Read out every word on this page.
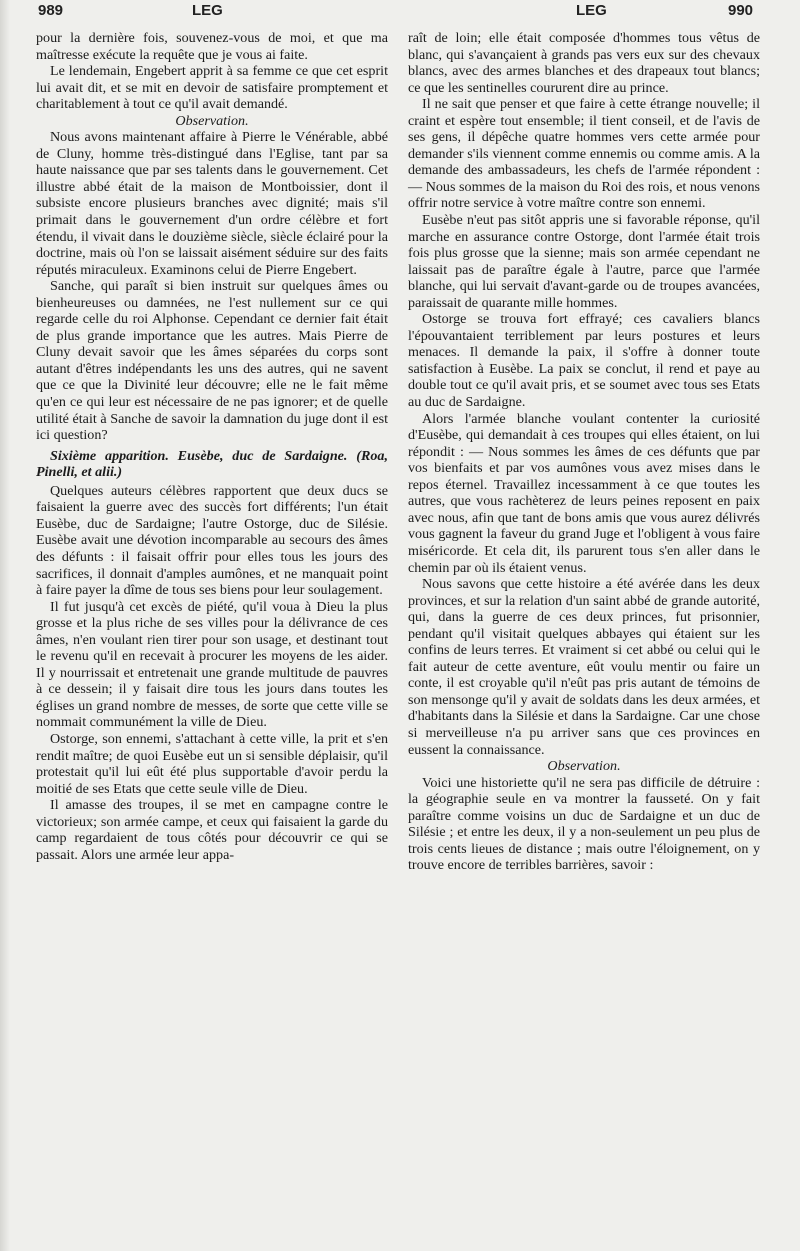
989	LEG	LEG	990

pour la dernière fois, souvenez-vous de moi, et que ma maîtresse exécute la requête que je vous ai faite.

Le lendemain, Engebert apprit à sa femme ce que cet esprit lui avait dit, et se mit en devoir de satisfaire promptement et charitablement à tout ce qu'il avait demandé.

Observation.

Nous avons maintenant affaire à Pierre le Vénérable, abbé de Cluny, homme très-distingué dans l'Eglise, tant par sa haute naissance que par ses talents dans le gouvernement. Cet illustre abbé était de la maison de Montboissier, dont il subsiste encore plusieurs branches avec dignité; mais s'il primait dans le gouvernement d'un ordre célèbre et fort étendu, il vivait dans le douzième siècle, siècle éclairé pour la doctrine, mais où l'on se laissait aisément séduire sur des faits réputés miraculeux. Examinons celui de Pierre Engebert.

Sanche, qui paraît si bien instruit sur quelques âmes ou bienheureuses ou damnées, ne l'est nullement sur ce qui regarde celle du roi Alphonse. Cependant ce dernier fait était de plus grande importance que les autres. Mais Pierre de Cluny devait savoir que les âmes séparées du corps sont autant d'êtres indépendants les uns des autres, qui ne savent que ce que la Divinité leur découvre; elle ne le fait même qu'en ce qui leur est nécessaire de ne pas ignorer; et de quelle utilité était à Sanche de savoir la damnation du juge dont il est ici question?

Sixième apparition. Eusèbe, duc de Sardaigne. (Roa, Pinelli, et alii.)

Quelques auteurs célèbres rapportent que deux ducs se faisaient la guerre avec des succès fort différents; l'un était Eusèbe, duc de Sardaigne; l'autre Ostorge, duc de Silésie. Eusèbe avait une dévotion incomparable au secours des âmes des défunts : il faisait offrir pour elles tous les jours des sacrifices, il donnait d'amples aumônes, et ne manquait point à faire payer la dîme de tous ses biens pour leur soulagement.

Il fut jusqu'à cet excès de piété, qu'il voua à Dieu la plus grosse et la plus riche de ses villes pour la délivrance de ces âmes, n'en voulant rien tirer pour son usage, et destinant tout le revenu qu'il en recevait à procurer les moyens de les aider. Il y nourrissait et entretenait une grande multitude de pauvres à ce dessein; il y faisait dire tous les jours dans toutes les églises un grand nombre de messes, de sorte que cette ville se nommait communément la ville de Dieu.

Ostorge, son ennemi, s'attachant à cette ville, la prit et s'en rendit maître; de quoi Eusèbe eut un si sensible déplaisir, qu'il protestait qu'il lui eût été plus supportable d'avoir perdu la moitié de ses Etats que cette seule ville de Dieu.

Il amasse des troupes, il se met en campagne contre le victorieux; son armée campe, et ceux qui faisaient la garde du camp regardaient de tous côtés pour découvrir ce qui se passait. Alors une armée leur appa-

raît de loin; elle était composée d'hommes tous vêtus de blanc, qui s'avançaient à grands pas vers eux sur des chevaux blancs, avec des armes blanches et des drapeaux tout blancs; ce que les sentinelles coururent dire au prince.

Il ne sait que penser et que faire à cette étrange nouvelle; il craint et espère tout ensemble; il tient conseil, et de l'avis de ses gens, il dépêche quatre hommes vers cette armée pour demander s'ils viennent comme ennemis ou comme amis. A la demande des ambassadeurs, les chefs de l'armée répondent : — Nous sommes de la maison du Roi des rois, et nous venons offrir notre service à votre maître contre son ennemi.

Eusèbe n'eut pas sitôt appris une si favorable réponse, qu'il marche en assurance contre Ostorge, dont l'armée était trois fois plus grosse que la sienne; mais son armée cependant ne laissait pas de paraître égale à l'autre, parce que l'armée blanche, qui lui servait d'avant-garde ou de troupes avancées, paraissait de quarante mille hommes.

Ostorge se trouva fort effrayé; ces cavaliers blancs l'épouvantaient terriblement par leurs postures et leurs menaces. Il demande la paix, il s'offre à donner toute satisfaction à Eusèbe. La paix se conclut, il rend et paye au double tout ce qu'il avait pris, et se soumet avec tous ses Etats au duc de Sardaigne.

Alors l'armée blanche voulant contenter la curiosité d'Eusèbe, qui demandait à ces troupes qui elles étaient, on lui répondit : — Nous sommes les âmes de ces défunts que par vos bienfaits et par vos aumônes vous avez mises dans le repos éternel. Travaillez incessamment à ce que toutes les autres, que vous rachèterez de leurs peines reposent en paix avec nous, afin que tant de bons amis que vous aurez délivrés vous gagnent la faveur du grand Juge et l'obligent à vous faire miséricorde. Et cela dit, ils parurent tous s'en aller dans le chemin par où ils étaient venus.

Nous savons que cette histoire a été avérée dans les deux provinces, et sur la relation d'un saint abbé de grande autorité, qui, dans la guerre de ces deux princes, fut prisonnier, pendant qu'il visitait quelques abbayes qui étaient sur les confins de leurs terres. Et vraiment si cet abbé ou celui qui le fait auteur de cette aventure, eût voulu mentir ou faire un conte, il est croyable qu'il n'eût pas pris autant de témoins de son mensonge qu'il y avait de soldats dans les deux armées, et d'habitants dans la Silésie et dans la Sardaigne. Car une chose si merveilleuse n'a pu arriver sans que ces provinces en eussent la connaissance.

Observation.

Voici une historiette qu'il ne sera pas difficile de détruire : la géographie seule en va montrer la fausseté. On y fait paraître comme voisins un duc de Sardaigne et un duc de Silésie ; et entre les deux, il y a non-seulement un peu plus de trois cents lieues de distance ; mais outre l'éloignement, on y trouve encore de terribles barrières, savoir :
